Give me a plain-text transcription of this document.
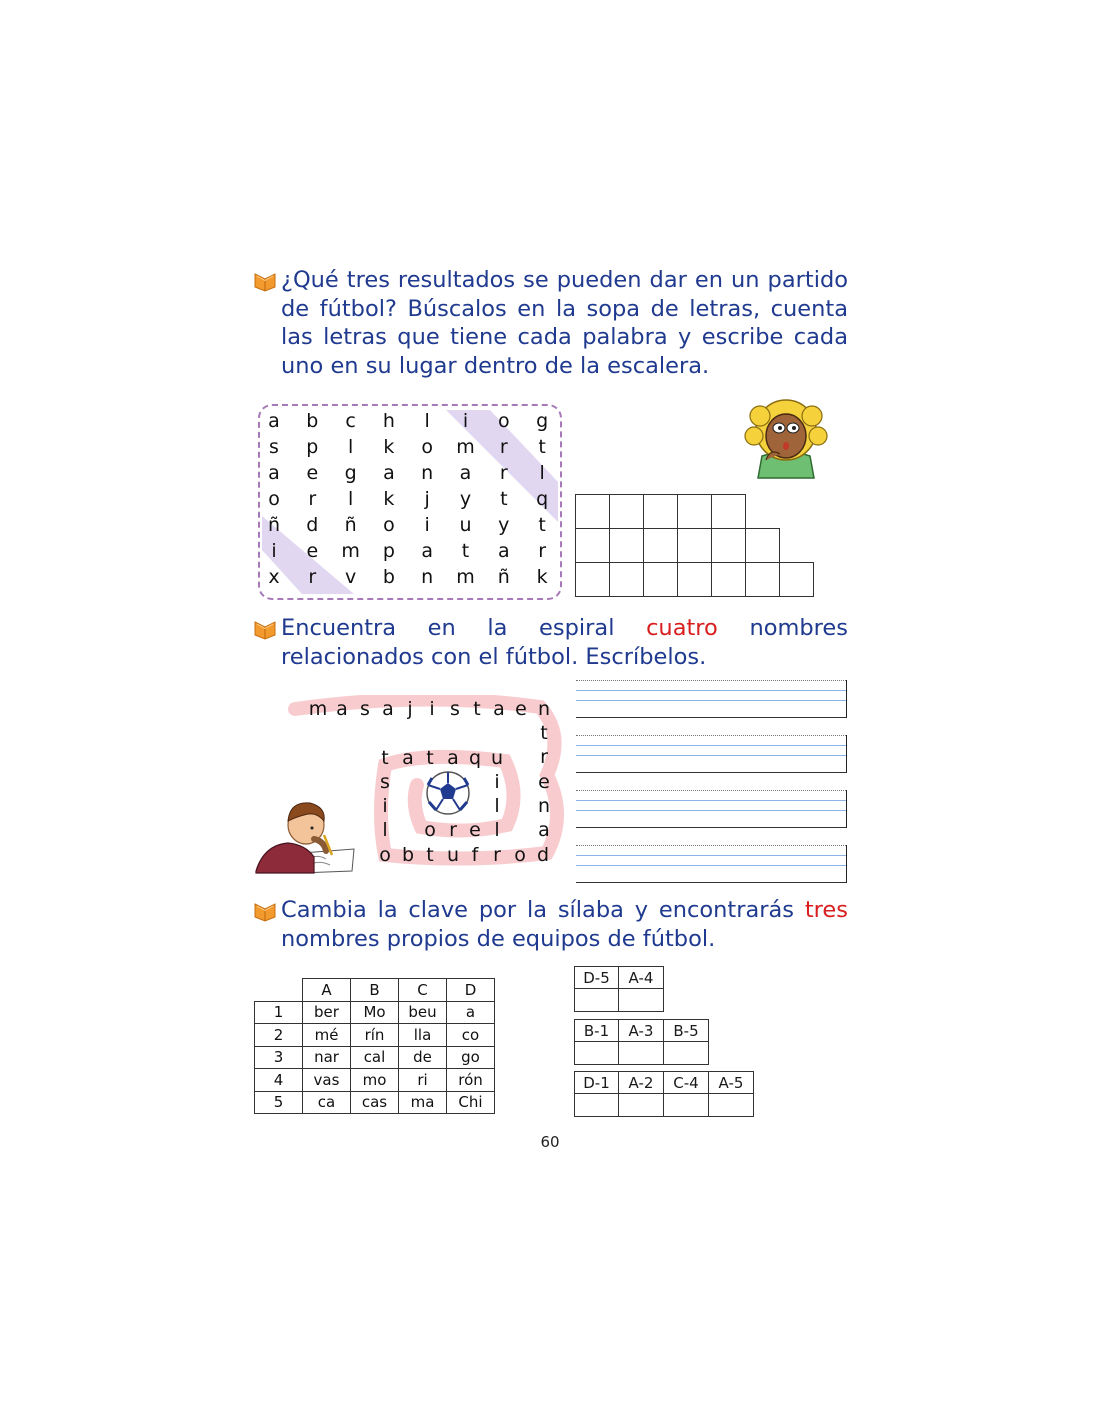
¿Qué tres resultados se pueden dar en un partido de fútbol? Búscalos en la sopa de letras, cuenta las letras que tiene cada palabra y escribe cada uno en su lugar dentro de la escalera.

a	b	c	h	l	i	o	g
s	p	l	k	o	m	r	t
a	e	g	a	n	a	r	l
o	r	l	k	j	y	t	q
ñ	d	ñ	o	i	u	y	t
i	e	m	p	a	t	a	r
x	r	v	b	n	m	ñ	k

Encuentra en la espiral cuatro nombres relacionados con el fútbol. Escríbelos.

m a s a j i s t a e n
t
r
e
n
a
o b t u f r o d
t a t a q u
s
i
l
i
l
o r e l

Cambia la clave por la sílaba y encontrarás tres nombres propios de equipos de fútbol.

	A	B	C	D
1	ber	Mo	beu	a
2	mé	rín	lla	co
3	nar	cal	de	go
4	vas	mo	ri	rón
5	ca	cas	ma	Chi
D-5	A-4
B-1	A-3	B-5
D-1	A-2	C-4	A-5
60
